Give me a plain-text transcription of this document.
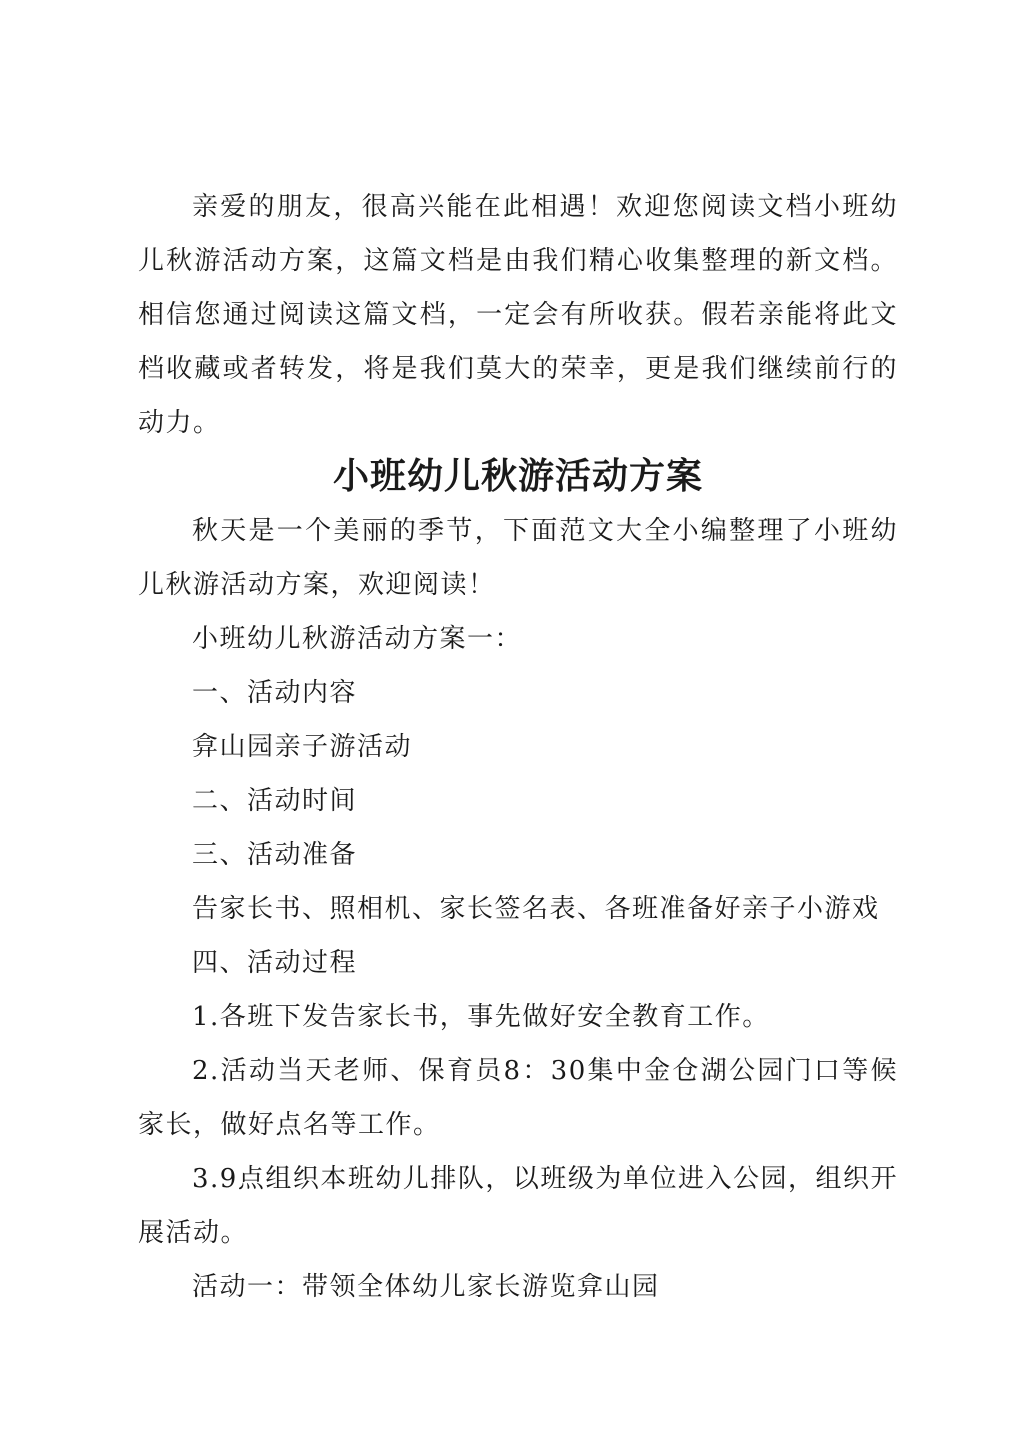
亲爱的朋友，很高兴能在此相遇！欢迎您阅读文档小班幼儿秋游活动方案，这篇文档是由我们精心收集整理的新文档。相信您通过阅读这篇文档，一定会有所收获。假若亲能将此文档收藏或者转发，将是我们莫大的荣幸，更是我们继续前行的动力。

小班幼儿秋游活动方案

秋天是一个美丽的季节，下面范文大全小编整理了小班幼儿秋游活动方案，欢迎阅读！

小班幼儿秋游活动方案一：

一、活动内容

弇山园亲子游活动

二、活动时间

三、活动准备

告家长书、照相机、家长签名表、各班准备好亲子小游戏

四、活动过程

1.各班下发告家长书，事先做好安全教育工作。

2.活动当天老师、保育员8：30集中金仓湖公园门口等候家长，做好点名等工作。

3.9点组织本班幼儿排队，以班级为单位进入公园，组织开展活动。

活动一：带领全体幼儿家长游览弇山园
